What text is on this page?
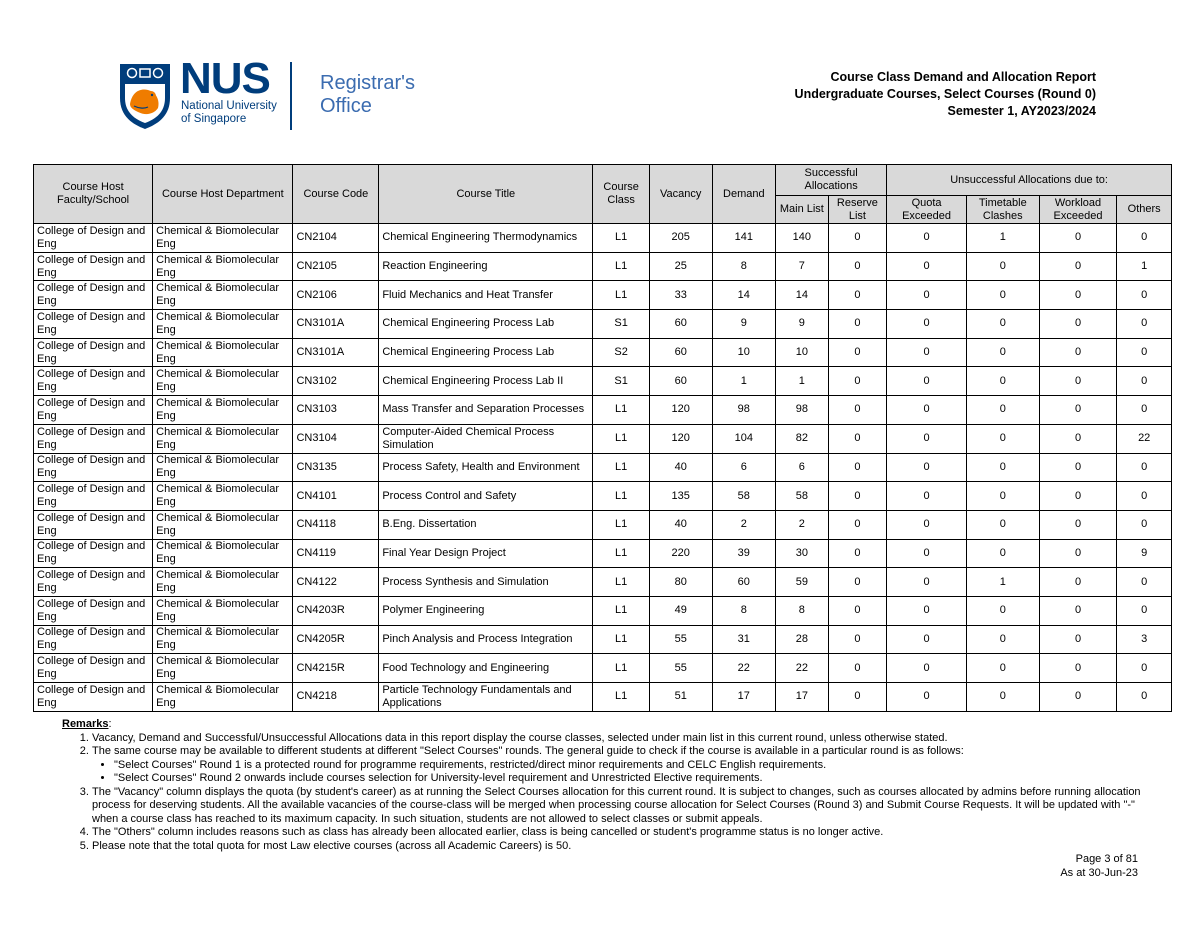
NUS
National University
of Singapore
Registrar's
Office
Course Class Demand and Allocation Report
Undergraduate Courses, Select Courses (Round 0)
Semester 1, AY2023/2024
Course Host Faculty/School	Course Host Department	Course Code	Course Title	Course Class	Vacancy	Demand	Successful Allocations		Unsuccessful Allocations due to:			
							Main List	Reserve List	Quota Exceeded	Timetable Clashes	Workload Exceeded	Others
College of Design and Eng	Chemical & Biomolecular Eng	CN2104	Chemical Engineering Thermodynamics	L1	205	141	140	0	0	1	0	0
College of Design and Eng	Chemical & Biomolecular Eng	CN2105	Reaction Engineering	L1	25	8	7	0	0	0	0	1
College of Design and Eng	Chemical & Biomolecular Eng	CN2106	Fluid Mechanics and Heat Transfer	L1	33	14	14	0	0	0	0	0
College of Design and Eng	Chemical & Biomolecular Eng	CN3101A	Chemical Engineering Process Lab	S1	60	9	9	0	0	0	0	0
College of Design and Eng	Chemical & Biomolecular Eng	CN3101A	Chemical Engineering Process Lab	S2	60	10	10	0	0	0	0	0
College of Design and Eng	Chemical & Biomolecular Eng	CN3102	Chemical Engineering Process Lab II	S1	60	1	1	0	0	0	0	0
College of Design and Eng	Chemical & Biomolecular Eng	CN3103	Mass Transfer and Separation Processes	L1	120	98	98	0	0	0	0	0
College of Design and Eng	Chemical & Biomolecular Eng	CN3104	Computer-Aided Chemical Process Simulation	L1	120	104	82	0	0	0	0	22
College of Design and Eng	Chemical & Biomolecular Eng	CN3135	Process Safety, Health and Environment	L1	40	6	6	0	0	0	0	0
College of Design and Eng	Chemical & Biomolecular Eng	CN4101	Process Control and Safety	L1	135	58	58	0	0	0	0	0
College of Design and Eng	Chemical & Biomolecular Eng	CN4118	B.Eng. Dissertation	L1	40	2	2	0	0	0	0	0
College of Design and Eng	Chemical & Biomolecular Eng	CN4119	Final Year Design Project	L1	220	39	30	0	0	0	0	9
College of Design and Eng	Chemical & Biomolecular Eng	CN4122	Process Synthesis and Simulation	L1	80	60	59	0	0	1	0	0
College of Design and Eng	Chemical & Biomolecular Eng	CN4203R	Polymer Engineering	L1	49	8	8	0	0	0	0	0
College of Design and Eng	Chemical & Biomolecular Eng	CN4205R	Pinch Analysis and Process Integration	L1	55	31	28	0	0	0	0	3
College of Design and Eng	Chemical & Biomolecular Eng	CN4215R	Food Technology and Engineering	L1	55	22	22	0	0	0	0	0
College of Design and Eng	Chemical & Biomolecular Eng	CN4218	Particle Technology Fundamentals and Applications	L1	51	17	17	0	0	0	0	0
Remarks:
1. Vacancy, Demand and Successful/Unsuccessful Allocations data in this report display the course classes, selected under main list in this current round, unless otherwise stated.
2. The same course may be available to different students at different "Select Courses" rounds. The general guide to check if the course is available in a particular round is as follows:
• "Select Courses" Round 1 is a protected round for programme requirements, restricted/direct minor requirements and CELC English requirements.
• "Select Courses" Round 2 onwards include courses selection for University-level requirement and Unrestricted Elective requirements.
3. The "Vacancy" column displays the quota (by student's career) as at running the Select Courses allocation for this current round. It is subject to changes, such as courses allocated by admins before running allocation process for deserving students. All the available vacancies of the course-class will be merged when processing course allocation for Select Courses (Round 3) and Submit Course Requests. It will be updated with "-" when a course class has reached to its maximum capacity. In such situation, students are not allowed to select classes or submit appeals.
4. The "Others" column includes reasons such as class has already been allocated earlier, class is being cancelled or student's programme status is no longer active.
5. Please note that the total quota for most Law elective courses (across all Academic Careers) is 50.
Page 3 of 81
As at 30-Jun-23
